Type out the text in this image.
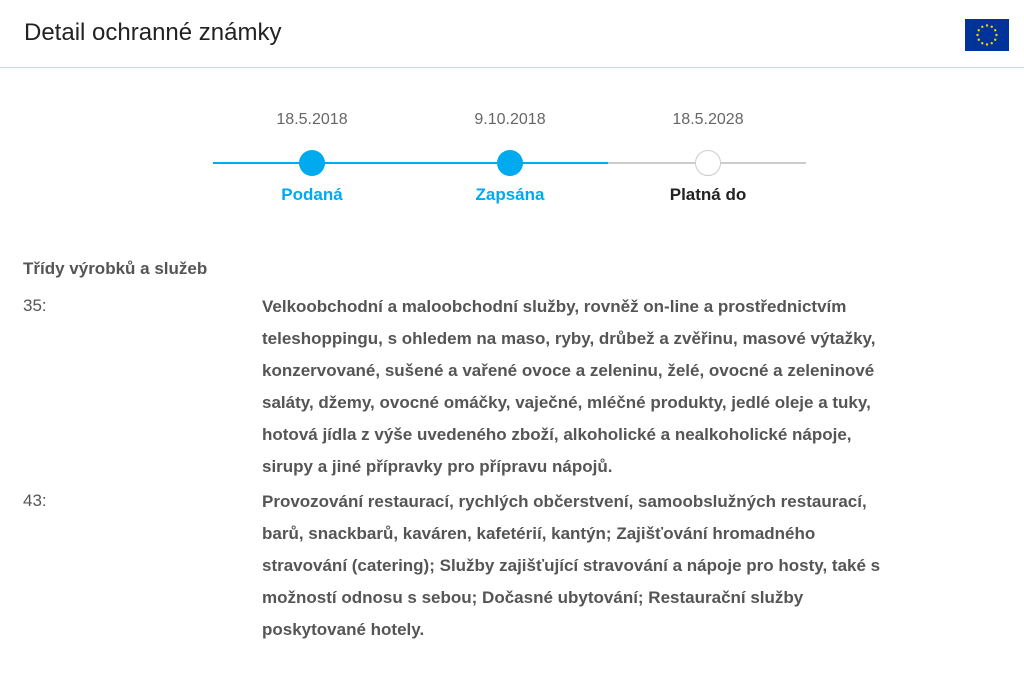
Detail ochranné známky
18.5.2018	9.10.2018	18.5.2028
Podaná	Zapsána	Platná do
Třídy výrobků a služeb
35:	Velkoobchodní a maloobchodní služby, rovněž on-line a prostřednictvím
teleshoppingu, s ohledem na maso, ryby, drůbež a zvěřinu, masové výtažky,
konzervované, sušené a vařené ovoce a zeleninu, želé, ovocné a zeleninové
saláty, džemy, ovocné omáčky, vaječné, mléčné produkty, jedlé oleje a tuky,
hotová jídla z výše uvedeného zboží, alkoholické a nealkoholické nápoje,
sirupy a jiné přípravky pro přípravu nápojů.
43:	Provozování restaurací, rychlých občerstvení, samoobslužných restaurací,
barů, snackbarů, kaváren, kafetérií, kantýn; Zajišťování hromadného
stravování (catering); Služby zajišťující stravování a nápoje pro hosty, také s
možností odnosu s sebou; Dočasné ubytování; Restaurační služby
poskytované hotely.
